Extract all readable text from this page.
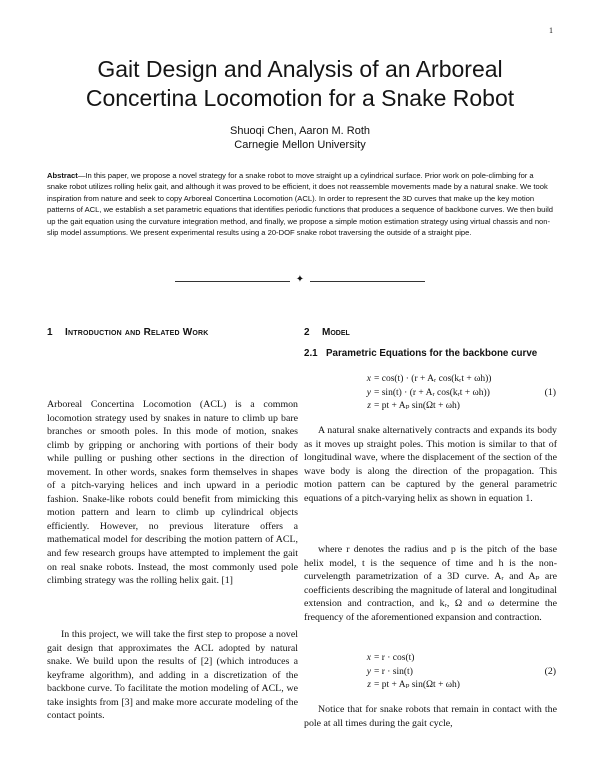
1
Gait Design and Analysis of an Arboreal
Concertina Locomotion for a Snake Robot
Shuoqi Chen, Aaron M. Roth
Carnegie Mellon University
Abstract—In this paper, we propose a novel strategy for a snake robot to move straight up a cylindrical surface. Prior work on pole-climbing for a snake robot utilizes rolling helix gait, and although it was proved to be efficient, it does not reassemble movements made by a natural snake. We took inspiration from nature and seek to copy Arboreal Concertina Locomotion (ACL). In order to represent the 3D curves that make up the key motion patterns of ACL, we establish a set parametric equations that identifies periodic functions that produces a sequence of backbone curves. We then build up the gait equation using the curvature integration method, and finally, we propose a simple motion estimation strategy using virtual chassis and non-slip model assumptions. We present experimental results using a 20-DOF snake robot traversing the outside of a straight pipe.
✦
1 Introduction and Related Work

Arboreal Concertina Locomotion (ACL) is a common locomotion strategy used by snakes in nature to climb up bare branches or smooth poles. In this mode of motion, snakes climb by gripping or anchoring with portions of their body while pulling or pushing other sections in the direction of movement. In other words, snakes form themselves in shapes of a pitch-varying helices and inch upward in a periodic fashion. Snake-like robots could benefit from mimicking this motion pattern and learn to climb up cylindrical objects efficiently. However, no previous literature offers a mathematical model for describing the motion pattern of ACL, and few research groups have attempted to implement the gait on real snake robots. Instead, the most commonly used pole climbing strategy was the rolling helix gait. [1]

In this project, we will take the first step to propose a novel gait design that approximates the ACL adopted by natural snake. We build upon the results of [2] (which introduces a keyframe algorithm), and adding in a discretization of the backbone curve. To facilitate the motion modeling of ACL, we take insights from [3] and make more accurate modeling of the contact points.

2 Model
2.1 Parametric Equations for the backbone curve
x = cos(t) · (r + Aᵣ cos(kᵣt + ωh))
y = sin(t) · (r + Aᵣ cos(kᵣt + ωh))
z = pt + Aₚ sin(Ωt + ωh)
(1)

A natural snake alternatively contracts and expands its body as it moves up straight poles. This motion is similar to that of longitudinal wave, where the displacement of the section of the wave body is along the direction of the propagation. This motion pattern can be captured by the general parametric equations of a pitch-varying helix as shown in equation 1.

where r denotes the radius and p is the pitch of the base helix model, t is the sequence of time and h is the non-curvelength parametrization of a 3D curve. Aᵣ and Aₚ are coefficients describing the magnitude of lateral and longitudinal extension and contraction, and kᵣ, Ω and ω determine the frequency of the aforementioned expansion and contraction.

x = r · cos(t)
y = r · sin(t)
z = pt + Aₚ sin(Ωt + ωh)
(2)

Notice that for snake robots that remain in contact with the pole at all times during the gait cycle,
